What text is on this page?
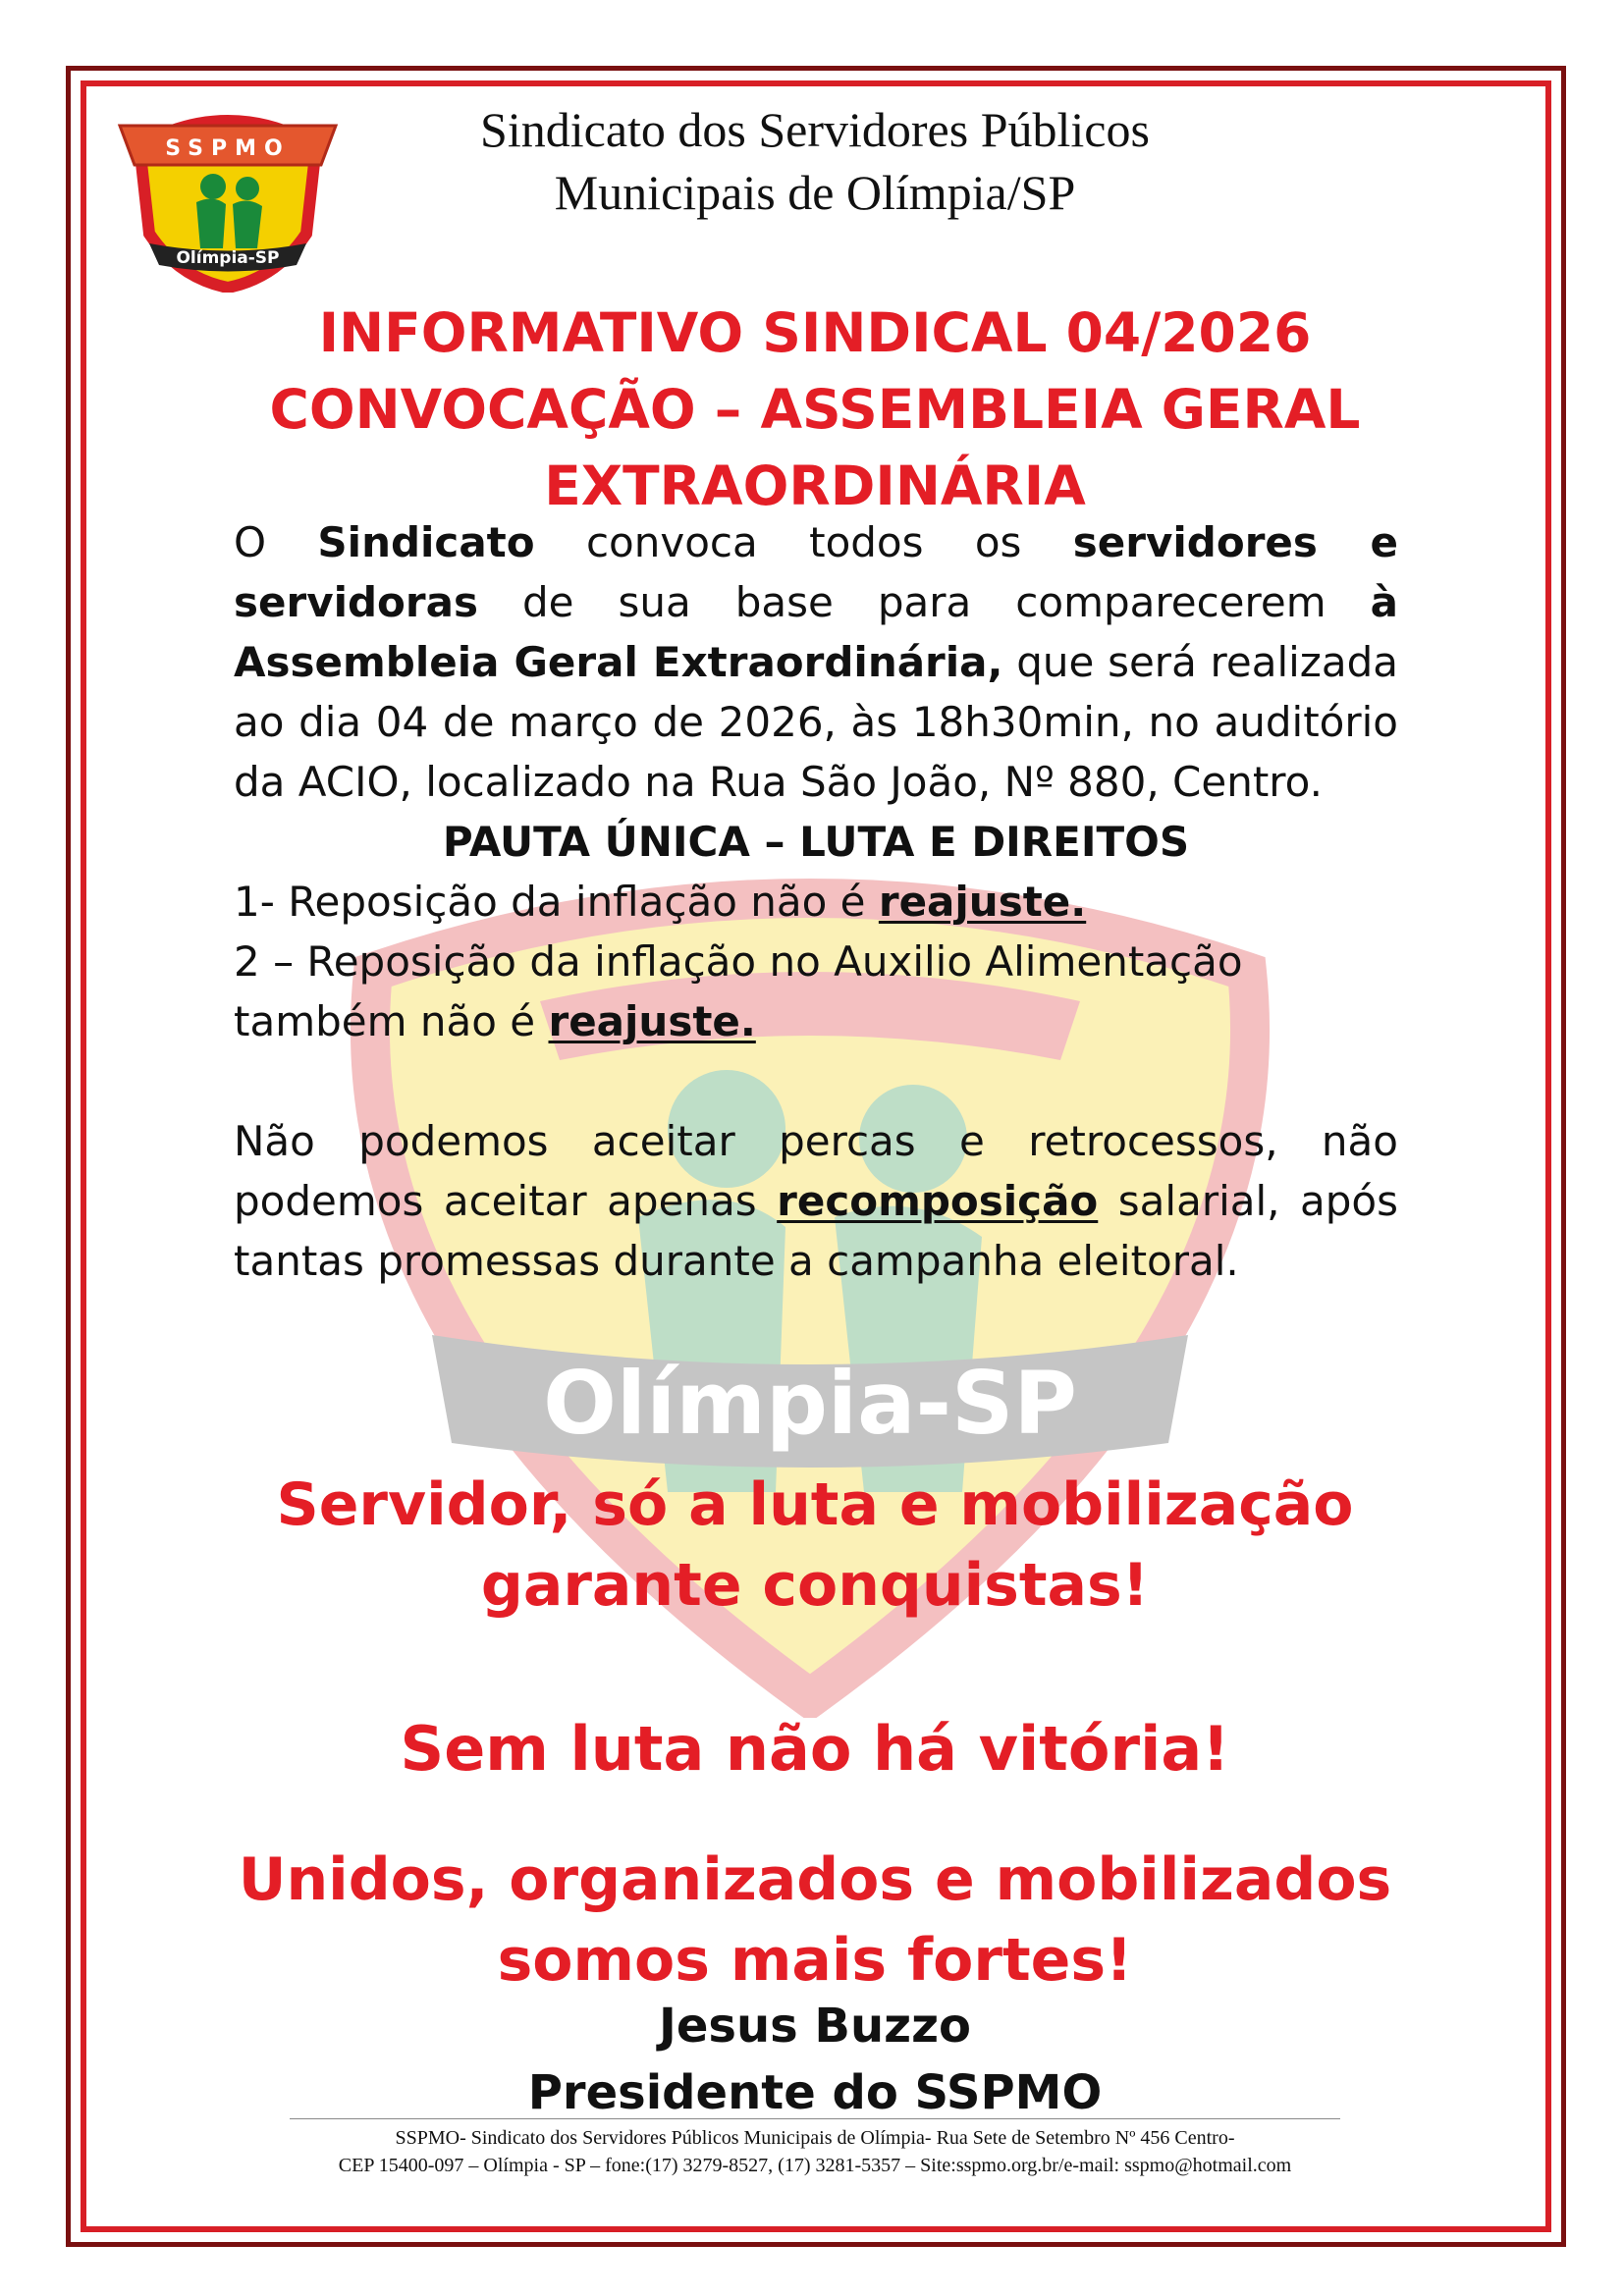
Olímpia-SP
SSPMO
Olímpia-SP
Sindicato dos Servidores Públicos
Municipais de Olímpia/SP
INFORMATIVO SINDICAL 04/2026
CONVOCAÇÃO – ASSEMBLEIA GERAL
EXTRAORDINÁRIA

O Sindicato convoca todos os servidores e servidoras de sua base para comparecerem à Assembleia Geral Extraordinária, que será realizada ao dia 04 de março de 2026, às 18h30min, no auditório da ACIO, localizado na Rua São João, Nº 880, Centro.

PAUTA ÚNICA – LUTA E DIREITOS

1- Reposição da inflação não é reajuste.

2 – Reposição da inflação no Auxilio Alimentação também não é reajuste.

Não podemos aceitar percas e retrocessos, não podemos aceitar apenas recomposição salarial, após tantas promessas durante a campanha eleitoral.

Servidor, só a luta e mobilização
garante conquistas!
Sem luta não há vitória!
Unidos, organizados e mobilizados
somos mais fortes!
Jesus Buzzo
Presidente do SSPMO
SSPMO- Sindicato dos Servidores Públicos Municipais de Olímpia- Rua Sete de Setembro Nº 456 Centro-
CEP 15400-097 – Olímpia - SP – fone:(17) 3279-8527, (17) 3281-5357 – Site:sspmo.org.br/e-mail: sspmo@hotmail.com
